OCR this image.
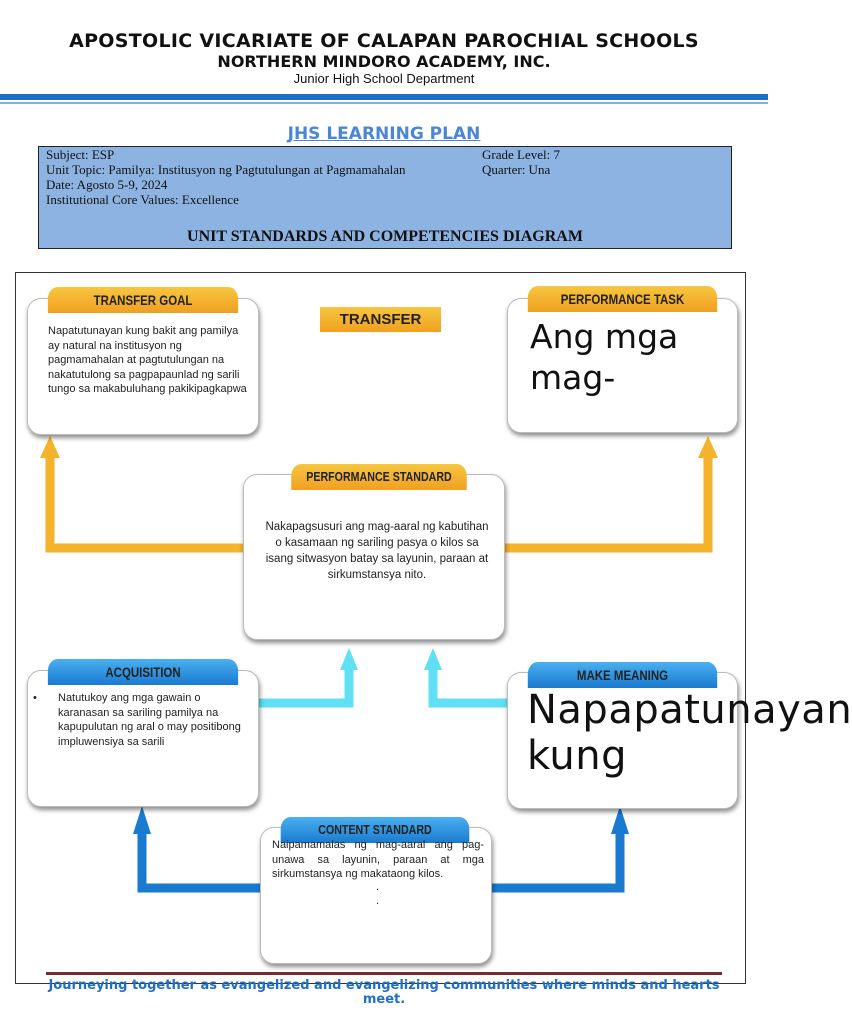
APOSTOLIC VICARIATE OF CALAPAN PAROCHIAL SCHOOLS
NORTHERN MINDORO ACADEMY, INC.
Junior High School Department
JHS LEARNING PLAN
Subject: ESP
Unit Topic: Pamilya: Institusyon ng Pagtutulungan at Pagmamahalan
Date: Agosto 5-9, 2024
Institutional Core Values: Excellence
Grade Level: 7
Quarter: Una
UNIT STANDARDS AND COMPETENCIES DIAGRAM
TRANSFER GOAL
Napatutunayan kung bakit ang pamilya ay natural na institusyon ng pagmamahalan at pagtutulungan na nakatutulong sa pagpapaunlad ng sarili tungo sa makabuluhang pakikipagkapwa
TRANSFER
PERFORMANCE TASK
Ang mga mag-
PERFORMANCE STANDARD
Nakapagsusuri ang mag-aaral ng kabutihan o kasamaan ng sariling pasya o kilos sa isang sitwasyon batay sa layunin, paraan at sirkumstansya nito.
ACQUISITION
•	Natutukoy ang mga gawain o karanasan sa sariling pamilya na kapupulutan ng aral o may positibong impluwensiya sa sarili
MAKE MEANING
Napapatunayan kung
CONTENT STANDARD
Naipamamalas ng mag-aaral ang pag-unawa sa layunin, paraan at mga sirkumstansya ng makataong kilos.
.
.
Journeying together as evangelized and evangelizing communities where minds and hearts meet.
